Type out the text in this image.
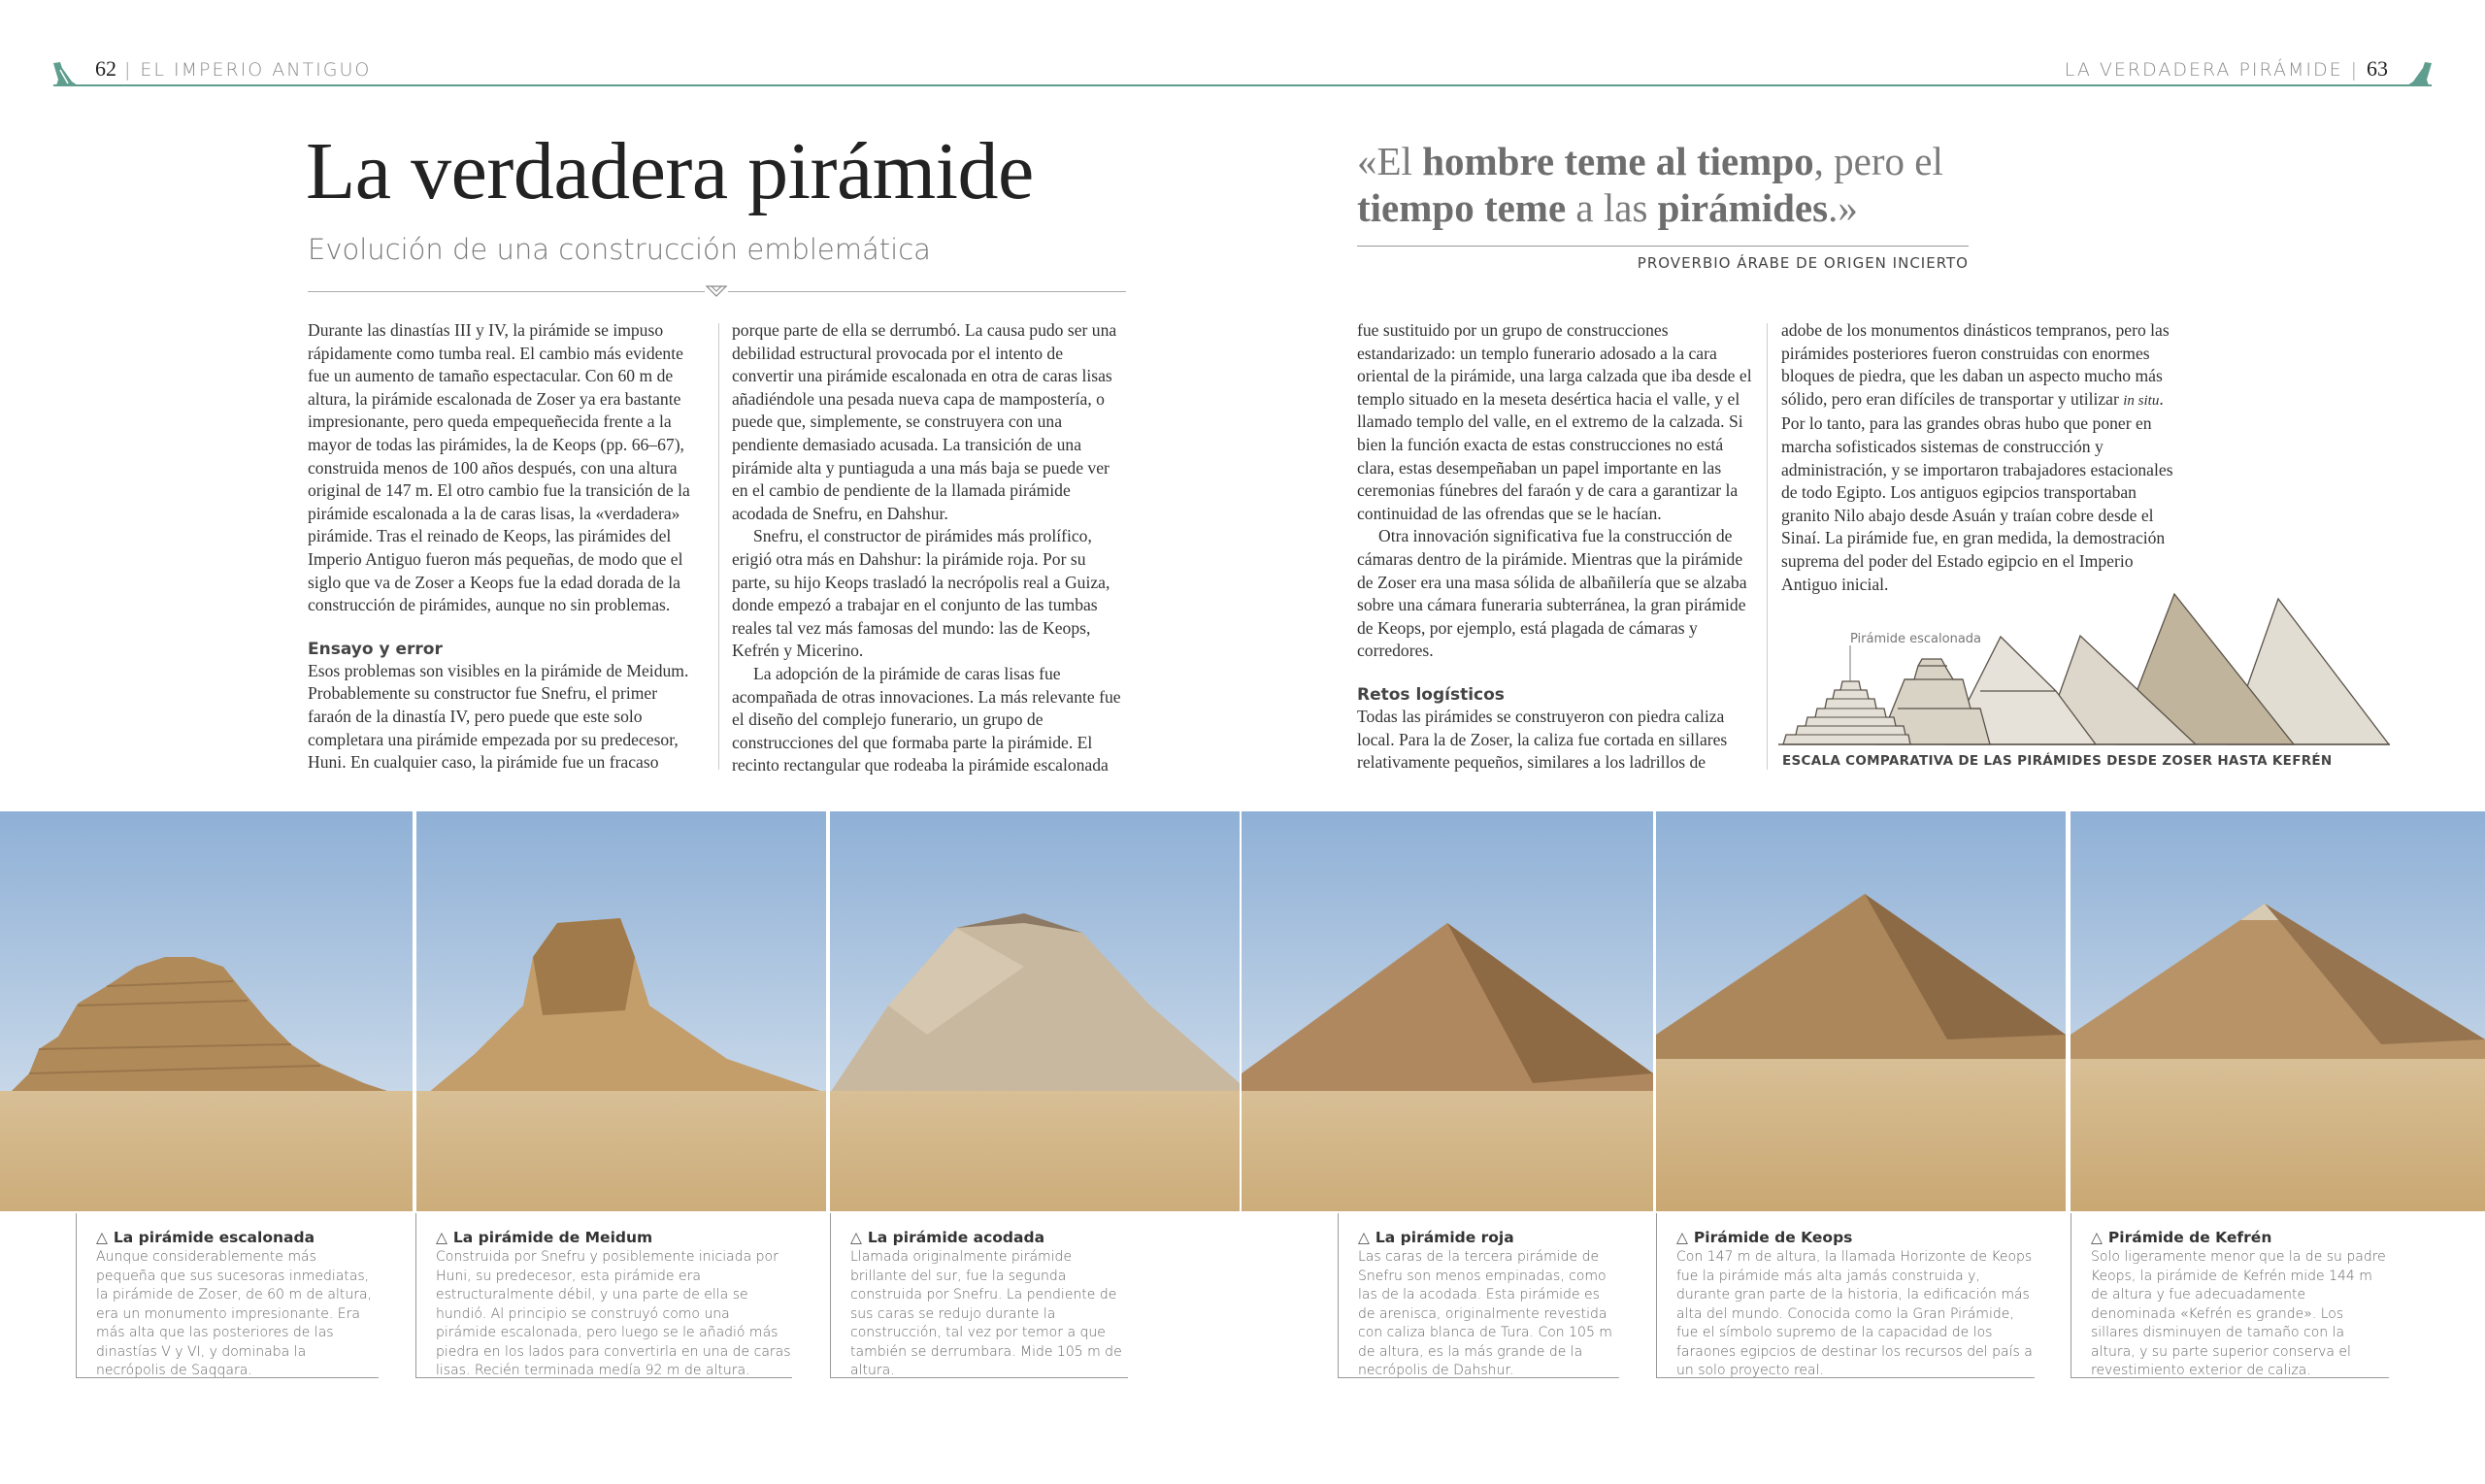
62 | EL IMPERIO ANTIGUO	LA VERDADERA PIRÁMIDE | 63
La verdadera pirámide
Evolución de una construcción emblemática

Durante las dinastías III y IV, la pirámide se impuso rápidamente como tumba real. El cambio más evidente fue un aumento de tamaño espectacular. Con 60 m de altura, la pirámide escalonada de Zoser ya era bastante impresionante, pero queda empequeñecida frente a la mayor de todas las pirámides, la de Keops (pp. 66–67), construida menos de 100 años después, con una altura original de 147 m. El otro cambio fue la transición de la pirámide escalonada a la de caras lisas, la «verdadera» pirámide. Tras el reinado de Keops, las pirámides del Imperio Antiguo fueron más pequeñas, de modo que el siglo que va de Zoser a Keops fue la edad dorada de la construcción de pirámides, aunque no sin problemas.

Ensayo y error

Esos problemas son visibles en la pirámide de Meidum. Probablemente su constructor fue Snefru, el primer faraón de la dinastía IV, pero puede que este solo completara una pirámide empezada por su predecesor, Huni. En cualquier caso, la pirámide fue un fracaso

porque parte de ella se derrumbó. La causa pudo ser una debilidad estructural provocada por el intento de convertir una pirámide escalonada en otra de caras lisas añadiéndole una pesada nueva capa de mampostería, o puede que, simplemente, se construyera con una pendiente demasiado acusada. La transición de una pirámide alta y puntiaguda a una más baja se puede ver en el cambio de pendiente de la llamada pirámide acodada de Snefru, en Dahshur.

Snefru, el constructor de pirámides más prolífico, erigió otra más en Dahshur: la pirámide roja. Por su parte, su hijo Keops trasladó la necrópolis real a Guiza, donde empezó a trabajar en el conjunto de las tumbas reales tal vez más famosas del mundo: las de Keops, Kefrén y Micerino.

La adopción de la pirámide de caras lisas fue acompañada de otras innovaciones. La más relevante fue el diseño del complejo funerario, un grupo de construcciones del que formaba parte la pirámide. El recinto rectangular que rodeaba la pirámide escalonada

«El hombre teme al tiempo, pero el tiempo teme a las pirámides.»
PROVERBIO ÁRABE DE ORIGEN INCIERTO

fue sustituido por un grupo de construcciones estandarizado: un templo funerario adosado a la cara oriental de la pirámide, una larga calzada que iba desde el templo situado en la meseta desértica hacia el valle, y el llamado templo del valle, en el extremo de la calzada. Si bien la función exacta de estas construcciones no está clara, estas desempeñaban un papel importante en las ceremonias fúnebres del faraón y de cara a garantizar la continuidad de las ofrendas que se le hacían.

Otra innovación significativa fue la construcción de cámaras dentro de la pirámide. Mientras que la pirámide de Zoser era una masa sólida de albañilería que se alzaba sobre una cámara funeraria subterránea, la gran pirámide de Keops, por ejemplo, está plagada de cámaras y corredores.

Retos logísticos

Todas las pirámides se construyeron con piedra caliza local. Para la de Zoser, la caliza fue cortada en sillares relativamente pequeños, similares a los ladrillos de

adobe de los monumentos dinásticos tempranos, pero las pirámides posteriores fueron construidas con enormes bloques de piedra, que les daban un aspecto mucho más sólido, pero eran difíciles de transportar y utilizar in situ. Por lo tanto, para las grandes obras hubo que poner en marcha sofisticados sistemas de construcción y administración, y se importaron trabajadores estacionales de todo Egipto. Los antiguos egipcios transportaban granito Nilo abajo desde Asuán y traían cobre desde el Sinaí. La pirámide fue, en gran medida, la demostración suprema del poder del Estado egipcio en el Imperio Antiguo inicial.

Pirámide escalonada
ESCALA COMPARATIVA DE LAS PIRÁMIDES DESDE ZOSER HASTA KEFRÉN
△ La pirámide escalonada

Aunque considerablemente más pequeña que sus sucesoras inmediatas, la pirámide de Zoser, de 60 m de altura, era un monumento impresionante. Era más alta que las posteriores de las dinastías V y VI, y dominaba la necrópolis de Saqqara.

△ La pirámide de Meidum

Construida por Snefru y posiblemente iniciada por Huni, su predecesor, esta pirámide era estructuralmente débil, y una parte de ella se hundió. Al principio se construyó como una pirámide escalonada, pero luego se le añadió más piedra en los lados para convertirla en una de caras lisas. Recién terminada medía 92 m de altura.

△ La pirámide acodada

Llamada originalmente pirámide brillante del sur, fue la segunda construida por Snefru. La pendiente de sus caras se redujo durante la construcción, tal vez por temor a que también se derrumbara. Mide 105 m de altura.

△ La pirámide roja

Las caras de la tercera pirámide de Snefru son menos empinadas, como las de la acodada. Esta pirámide es de arenisca, originalmente revestida con caliza blanca de Tura. Con 105 m de altura, es la más grande de la necrópolis de Dahshur.

△ Pirámide de Keops

Con 147 m de altura, la llamada Horizonte de Keops fue la pirámide más alta jamás construida y, durante gran parte de la historia, la edificación más alta del mundo. Conocida como la Gran Pirámide, fue el símbolo supremo de la capacidad de los faraones egipcios de destinar los recursos del país a un solo proyecto real.

△ Pirámide de Kefrén

Solo ligeramente menor que la de su padre Keops, la pirámide de Kefrén mide 144 m de altura y fue adecuadamente denominada «Kefrén es grande». Los sillares disminuyen de tamaño con la altura, y su parte superior conserva el revestimiento exterior de caliza.
